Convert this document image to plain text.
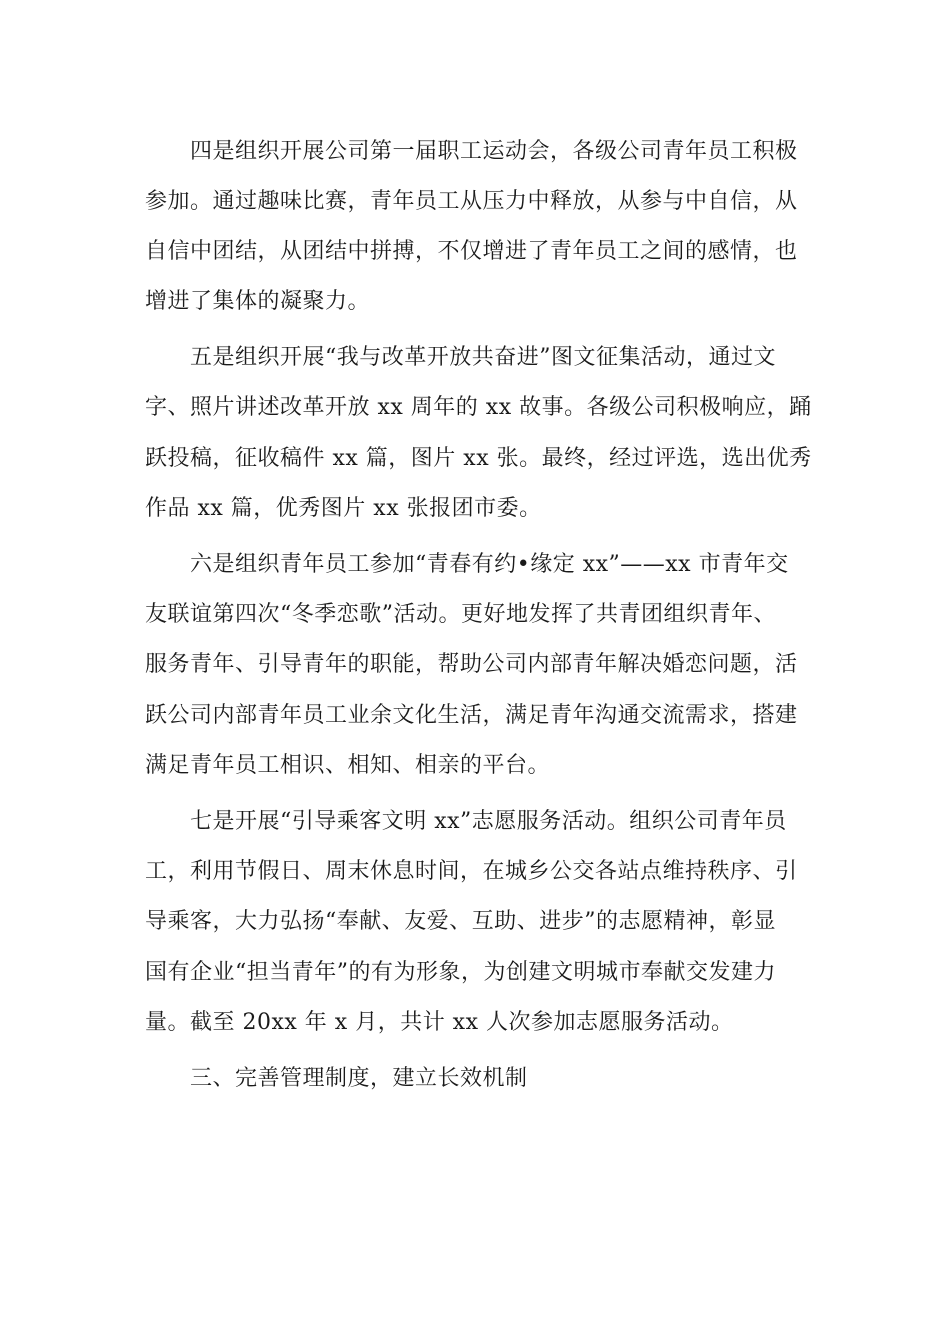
四是组织开展公司第一届职工运动会，各级公司青年员工积极
参加。通过趣味比赛，青年员工从压力中释放，从参与中自信，从
自信中团结，从团结中拼搏，不仅增进了青年员工之间的感情，也
增进了集体的凝聚力。
五是组织开展“我与改革开放共奋进”图文征集活动，通过文
字、照片讲述改革开放 xx 周年的 xx 故事。各级公司积极响应，踊
跃投稿，征收稿件 xx 篇，图片 xx 张。最终，经过评选，选出优秀
作品 xx 篇，优秀图片 xx 张报团市委。
六是组织青年员工参加“青春有约•缘定 xx”——xx 市青年交
友联谊第四次“冬季恋歌”活动。更好地发挥了共青团组织青年、
服务青年、引导青年的职能，帮助公司内部青年解决婚恋问题，活
跃公司内部青年员工业余文化生活，满足青年沟通交流需求，搭建
满足青年员工相识、相知、相亲的平台。
七是开展“引导乘客文明 xx”志愿服务活动。组织公司青年员
工，利用节假日、周末休息时间，在城乡公交各站点维持秩序、引
导乘客，大力弘扬“奉献、友爱、互助、进步”的志愿精神，彰显
国有企业“担当青年”的有为形象，为创建文明城市奉献交发建力
量。截至 20xx 年 x 月，共计 xx 人次参加志愿服务活动。
三、完善管理制度，建立长效机制
